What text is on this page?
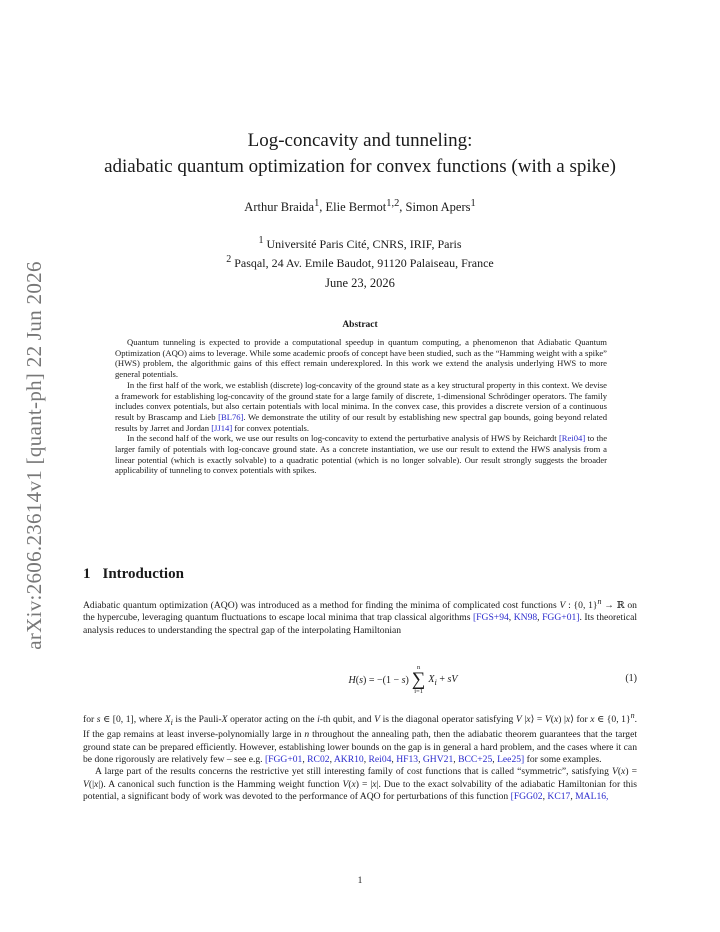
arXiv:2606.23614v1 [quant-ph] 22 Jun 2026
Log-concavity and tunneling:
adiabatic quantum optimization for convex functions (with a spike)
Arthur Braida$^1$, Elie Bermot$^{1,2}$, Simon Apers$^1$
$^1$ Université Paris Cité, CNRS, IRIF, Paris
$^2$ Pasqal, 24 Av. Emile Baudot, 91120 Palaiseau, France
June 23, 2026
Abstract

Quantum tunneling is expected to provide a computational speedup in quantum computing, a phenomenon that Adiabatic Quantum Optimization (AQO) aims to leverage. While some academic proofs of concept have been studied, such as the “Hamming weight with a spike” (HWS) problem, the algorithmic gains of this effect remain underexplored. In this work we extend the analysis underlying HWS to more general potentials.

In the first half of the work, we establish (discrete) log-concavity of the ground state as a key structural property in this context. We devise a framework for establishing log-concavity of the ground state for a large family of discrete, 1-dimensional Schrödinger operators. The family includes convex potentials, but also certain potentials with local minima. In the convex case, this provides a discrete version of a continuous result by Brascamp and Lieb [BL76]. We demonstrate the utility of our result by establishing new spectral gap bounds, going beyond related results by Jarret and Jordan [JJ14] for convex potentials.

In the second half of the work, we use our results on log-concavity to extend the perturbative analysis of HWS by Reichardt [Rei04] to the larger family of potentials with log-concave ground state. As a concrete instantiation, we use our result to extend the HWS analysis from a linear potential (which is exactly solvable) to a quadratic potential (which is no longer solvable). Our result strongly suggests the broader applicability of tunneling to convex potentials with spikes.

1 Introduction

Adiabatic quantum optimization (AQO) was introduced as a method for finding the minima of complicated cost functions V : {0, 1}$^n$ → ℝ on the hypercube, leveraging quantum fluctuations to escape local minima that trap classical algorithms [FGS+94, KN98, FGG+01]. Its theoretical analysis reduces to understanding the spectral gap of the interpolating Hamiltonian

H(s) = −(1 − s)
n
∑
i=1
$X_i$ + sV	(1)

for s ∈ [0, 1], where $X_i$ is the Pauli-X operator acting on the i-th qubit, and V is the diagonal operator satisfying V |x⟩ = V(x) |x⟩ for x ∈ {0, 1}$^n$. If the gap remains at least inverse-polynomially large in n throughout the annealing path, then the adiabatic theorem guarantees that the target ground state can be prepared efficiently. However, establishing lower bounds on the gap is in general a hard problem, and the cases where it can be done rigorously are relatively few – see e.g. [FGG+01, RC02, AKR10, Rei04, HF13, GHV21, BCC+25, Lee25] for some examples.

A large part of the results concerns the restrictive yet still interesting family of cost functions that is called “symmetric”, satisfying V(x) = V(|x|). A canonical such function is the Hamming weight function V(x) = |x|. Due to the exact solvability of the adiabatic Hamiltonian for this potential, a significant body of work was devoted to the performance of AQO for perturbations of this function [FGG02, KC17, MAL16,

1
